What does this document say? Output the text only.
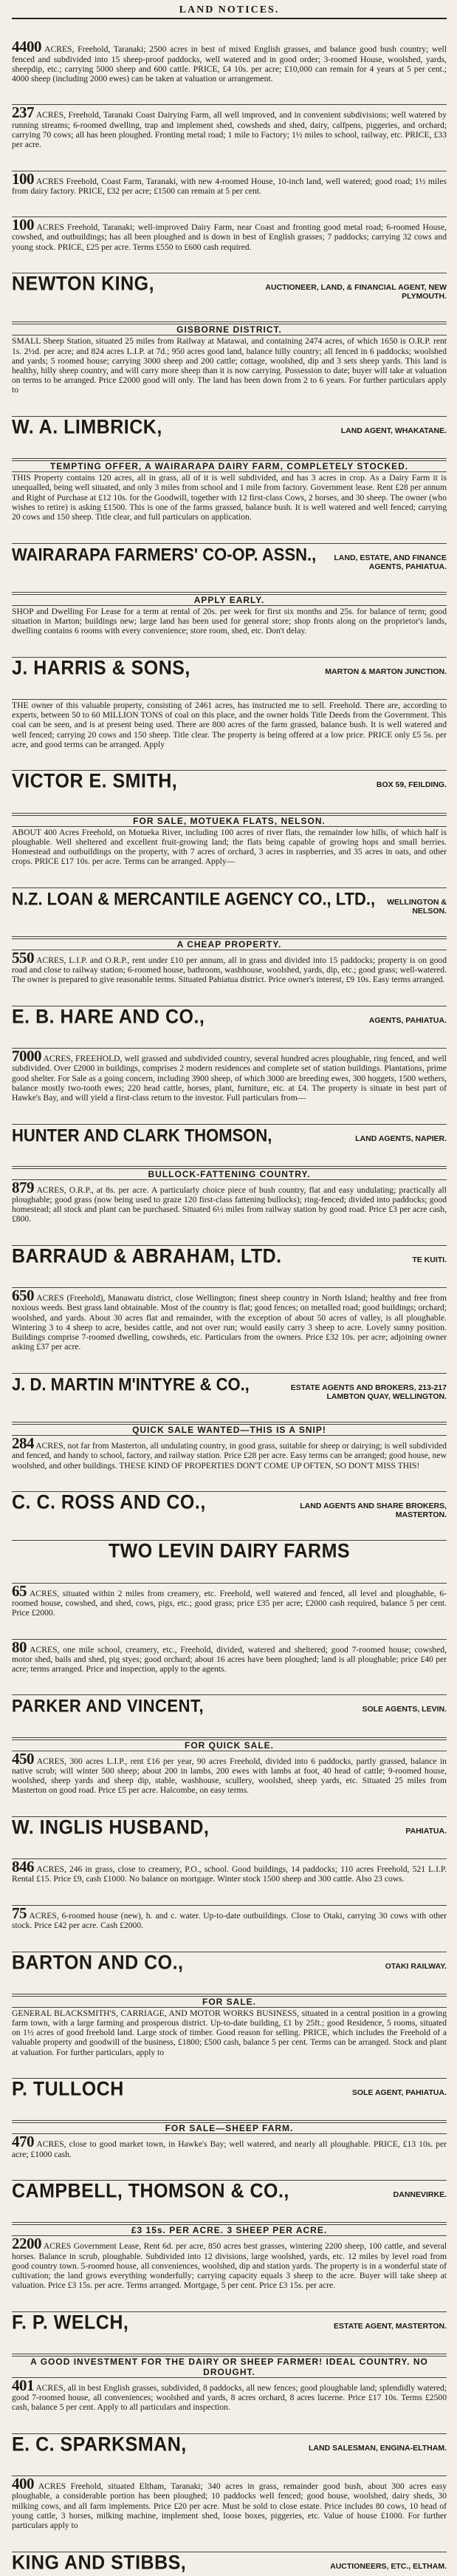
LAND NOTICES.

4400 ACRES, Freehold, Taranaki; 2500 acres in best of mixed English grasses, and balance good bush country; well fenced and subdivided into 15 sheep-proof paddocks, well watered and in good order; 3-roomed House, woolshed, yards, sheepdip, etc.; carrying 5000 sheep and 600 cattle. PRICE, £4 10s. per acre; £10,000 can remain for 4 years at 5 per cent.; 4000 sheep (including 2000 ewes) can be taken at valuation or arrangement.

237 ACRES, Freehold, Taranaki Coast Dairying Farm, all well improved, and in convenient subdivisions; well watered by running streams; 6-roomed dwelling, trap and implement shed, cowsheds and shed, dairy, calfpens, piggeries, and orchard; carrying 70 cows; all has been ploughed. Fronting metal road; 1 mile to Factory; 1½ miles to school, railway, etc. PRICE, £33 per acre.

100 ACRES Freehold, Coast Farm, Taranaki, with new 4-roomed House, 10-inch land, well watered; good road; 1½ miles from dairy factory. PRICE, £32 per acre; £1500 can remain at 5 per cent.

100 ACRES Freehold, Taranaki; well-improved Dairy Farm, near Coast and fronting good metal road; 6-roomed House, cowshed, and outbuildings; has all been ploughed and is down in best of English grasses; 7 paddocks; carrying 32 cows and young stock. PRICE, £25 per acre. Terms £550 to £600 cash required.

NEWTON KING,	AUCTIONEER, LAND, & FINANCIAL AGENT, NEW PLYMOUTH.
GISBORNE DISTRICT.

SMALL Sheep Station, situated 25 miles from Railway at Matawai, and containing 2474 acres, of which 1650 is O.R.P. rent 1s. 2½d. per acre; and 824 acres L.I.P. at 7d.; 950 acres good land, balance hilly country; all fenced in 6 paddocks; woolshed and yards; 5 roomed house; carrying 3000 sheep and 200 cattle; cottage, woolshed, dip and 3 sets sheep yards. This land is healthy, hilly sheep country, and will carry more sheep than it is now carrying. Possession to date; buyer will take at valuation on terms to be arranged. Price £2000 good will only. The land has been down from 2 to 6 years. For further particulars apply to

W. A. LIMBRICK,	LAND AGENT, WHAKATANE.
TEMPTING OFFER, A WAIRARAPA DAIRY FARM, COMPLETELY STOCKED.

THIS Property contains 120 acres, all in grass, all of it is well subdivided, and has 3 acres in crop. As a Dairy Farm it is unequalled, being well situated, and only 3 miles from school and 1 mile from factory. Government lease. Rent £28 per annum and Right of Purchase at £12 10s. for the Goodwill, together with 12 first-class Cows, 2 horses, and 30 sheep. The owner (who wishes to retire) is asking £1500. This is one of the farms grassed, balance bush. It is well watered and well fenced; carrying 20 cows and 150 sheep. Title clear, and full particulars on application.

WAIRARAPA FARMERS' CO-OP. ASSN.,	LAND, ESTATE, AND FINANCE AGENTS, PAHIATUA.
APPLY EARLY.

SHOP and Dwelling For Lease for a term at rental of 20s. per week for first six months and 25s. for balance of term; good situation in Marton; buildings new; large land has been used for general store; shop fronts along on the proprietor's lands, dwelling contains 6 rooms with every convenience; store room, shed, etc. Don't delay.

J. HARRIS & SONS,	MARTON & MARTON JUNCTION.

THE owner of this valuable property, consisting of 2461 acres, has instructed me to sell. Freehold. There are, according to experts, between 50 to 60 MILLION TONS of coal on this place, and the owner holds Title Deeds from the Government. This coal can be seen, and is at present being used. There are 800 acres of the farm grassed, balance bush. It is well watered and well fenced; carrying 20 cows and 150 sheep. Title clear. The property is being offered at a low price. PRICE only £5 5s. per acre, and good terms can be arranged. Apply

VICTOR E. SMITH,	BOX 59, FEILDING.
FOR SALE, MOTUEKA FLATS, NELSON.

ABOUT 400 Acres Freehold, on Motueka River, including 100 acres of river flats, the remainder low hills, of which half is ploughable. Well sheltered and excellent fruit-growing land; the flats being capable of growing hops and small berries. Homestead and outbuildings on the property, with 7 acres of orchard, 3 acres in raspberries, and 35 acres in oats, and other crops. PRICE £17 10s. per acre. Terms can be arranged. Apply—

N.Z. LOAN & MERCANTILE AGENCY CO., LTD.,	WELLINGTON & NELSON.
A CHEAP PROPERTY.

550 ACRES, L.I.P. and O.R.P., rent under £10 per annum, all in grass and divided into 15 paddocks; property is on good road and close to railway station; 6-roomed house, bathroom, washhouse, woolshed, yards, dip, etc.; good grass; well-watered. The owner is prepared to give reasonable terms. Situated Pahiatua district. Price owner's interest, £9 10s. Easy terms arranged.

E. B. HARE AND CO.,	AGENTS, PAHIATUA.

7000 ACRES, FREEHOLD, well grassed and subdivided country, several hundred acres ploughable, ring fenced, and well subdivided. Over £2000 in buildings, comprises 2 modern residences and complete set of station buildings. Plantations, prime good shelter. For Sale as a going concern, including 3900 sheep, of which 3000 are breeding ewes, 300 hoggets, 1500 wethers, balance mostly two-tooth ewes; 220 head cattle, horses, plant, furniture, etc. at £4. The property is situate in best part of Hawke's Bay, and will yield a first-class return to the investor. Full particulars from—

HUNTER AND CLARK THOMSON,	LAND AGENTS, NAPIER.
BULLOCK-FATTENING COUNTRY.

879 ACRES, O.R.P., at 8s. per acre. A particularly choice piece of bush country, flat and easy undulating; practically all ploughable; good grass (now being used to graze 120 first-class fattening bullocks); ring-fenced; divided into paddocks; good homestead; all stock and plant can be purchased. Situated 6½ miles from railway station by good road. Price £3 per acre cash, £800.

BARRAUD & ABRAHAM, LTD.	TE KUITI.

650 ACRES (Freehold), Manawatu district, close Wellington; finest sheep country in North Island; healthy and free from noxious weeds. Best grass land obtainable. Most of the country is flat; good fences; on metalled road; good buildings; orchard; woolshed, and yards. About 30 acres flat and remainder, with the exception of about 50 acres of valley, is all ploughable. Wintering 3 to 4 sheep to acre, besides cattle, and not over run; would easily carry 3 sheep to acre. Lovely sunny position. Buildings comprise 7-roomed dwelling, cowsheds, etc. Particulars from the owners. Price £32 10s. per acre; adjoining owner asking £37 per acre.

J. D. MARTIN M'INTYRE & CO.,	ESTATE AGENTS AND BROKERS, 213-217 LAMBTON QUAY, WELLINGTON.
QUICK SALE WANTED—THIS IS A SNIP!

284 ACRES, not far from Masterton, all undulating country, in good grass, suitable for sheep or dairying; is well subdivided and fenced, and handy to school, factory, and railway station. Price £28 per acre. Easy terms can be arranged; good house, new woolshed, and other buildings. THESE KIND OF PROPERTIES DON'T COME UP OFTEN, SO DON'T MISS THIS!

C. C. ROSS AND CO.,	LAND AGENTS AND SHARE BROKERS, MASTERTON.
TWO LEVIN DAIRY FARMS

65 ACRES, situated within 2 miles from creamery, etc. Freehold, well watered and fenced, all level and ploughable, 6-roomed house, cowshed, and shed, cows, pigs, etc.; good grass; price £35 per acre; £2000 cash required, balance 5 per cent. Price £2000.

80 ACRES, one mile school, creamery, etc., Freehold, divided, watered and sheltered; good 7-roomed house; cowshed, motor shed, bails and shed, pig styes; good orchard; about 16 acres have been ploughed; land is all ploughable; price £40 per acre; terms arranged. Price and inspection, apply to the agents.

PARKER AND VINCENT,	SOLE AGENTS, LEVIN.
FOR QUICK SALE.

450 ACRES, 300 acres L.I.P., rent £16 per year, 90 acres Freehold, divided into 6 paddocks, partly grassed, balance in native scrub; will winter 500 sheep; about 200 in lambs, 200 ewes with lambs at foot, 40 head of cattle; 9-roomed house, woolshed, sheep yards and sheep dip, stable, washhouse, scullery, woolshed, sheep yards, etc. Situated 25 miles from Masterton on good road. Price £5 per acre. Halcombe, on easy terms.

W. INGLIS HUSBAND,	PAHIATUA.

846 ACRES, 246 in grass, close to creamery, P.O., school. Good buildings, 14 paddocks; 110 acres Freehold, 521 L.I.P. Rental £15. Price £9, cash £1000. No balance on mortgage. Winter stock 1500 sheep and 300 cattle. Also 23 cows.

75 ACRES, 6-roomed house (new), h. and c. water. Up-to-date outbuildings. Close to Otaki, carrying 30 cows with other stock. Price £42 per acre. Cash £2000.

BARTON AND CO.,	OTAKI RAILWAY.
FOR SALE.

GENERAL BLACKSMITH'S, CARRIAGE, AND MOTOR WORKS BUSINESS, situated in a central position in a growing farm town, with a large farming and prosperous district. Up-to-date building, £1 by 25ft.; good Residence, 5 rooms, situated on 1½ acres of good freehold land. Large stock of timber. Good reason for selling. PRICE, which includes the Freehold of a valuable property and goodwill of the business, £1800; £500 cash, balance 5 per cent. Terms can be arranged. Stock and plant at valuation. For further particulars, apply to

P. TULLOCH	SOLE AGENT, PAHIATUA.
FOR SALE—SHEEP FARM.

470 ACRES, close to good market town, in Hawke's Bay; well watered, and nearly all ploughable. PRICE, £13 10s. per acre; £1000 cash.

CAMPBELL, THOMSON & CO.,	DANNEVIRKE.
£3 15s. PER ACRE. 3 SHEEP PER ACRE.

2200 ACRES Government Lease, Rent 6d. per acre, 850 acres best grasses, wintering 2200 sheep, 100 cattle, and several horses. Balance in scrub, ploughable. Subdivided into 12 divisions, large woolshed, yards, etc. 12 miles by level road from good country town. 5-roomed house, all conveniences, woolshed, dip and station yards. The property is in a wonderful state of cultivation; the land grows everything wonderfully; carrying capacity equals 3 sheep to the acre. Buyer will take sheep at valuation. Price £3 15s. per acre. Terms arranged. Mortgage, 5 per cent. Price £3 15s. per acre.

F. P. WELCH,	ESTATE AGENT, MASTERTON.
A GOOD INVESTMENT FOR THE DAIRY OR SHEEP FARMER! IDEAL COUNTRY. NO DROUGHT.

401 ACRES, all in best English grasses, subdivided, 8 paddocks, all new fences; good ploughable land; splendidly watered; good 7-roomed house, all conveniences; woolshed and yards, 8 acres orchard, 8 acres lucerne. Price £17 10s. Terms £2500 cash, balance 5 per cent. Apply to all particulars and inspection.

E. C. SPARKSMAN,	LAND SALESMAN, ENGINA-ELTHAM.

400 ACRES Freehold, situated Eltham, Taranaki; 340 acres in grass, remainder good bush, about 300 acres easy ploughable, a considerable portion has been ploughed; 10 paddocks well fenced; good house, woolshed, dairy sheds, 30 milking cows, and all farm implements. Price £20 per acre. Must be sold to close estate. Price includes 80 cows, 10 head of young cattle, 3 horses, milking machine, implement shed, loose boxes, piggeries, etc. Value of house £1000. For further particulars apply to

KING AND STIBBS,	AUCTIONEERS, ETC., ELTHAM.
